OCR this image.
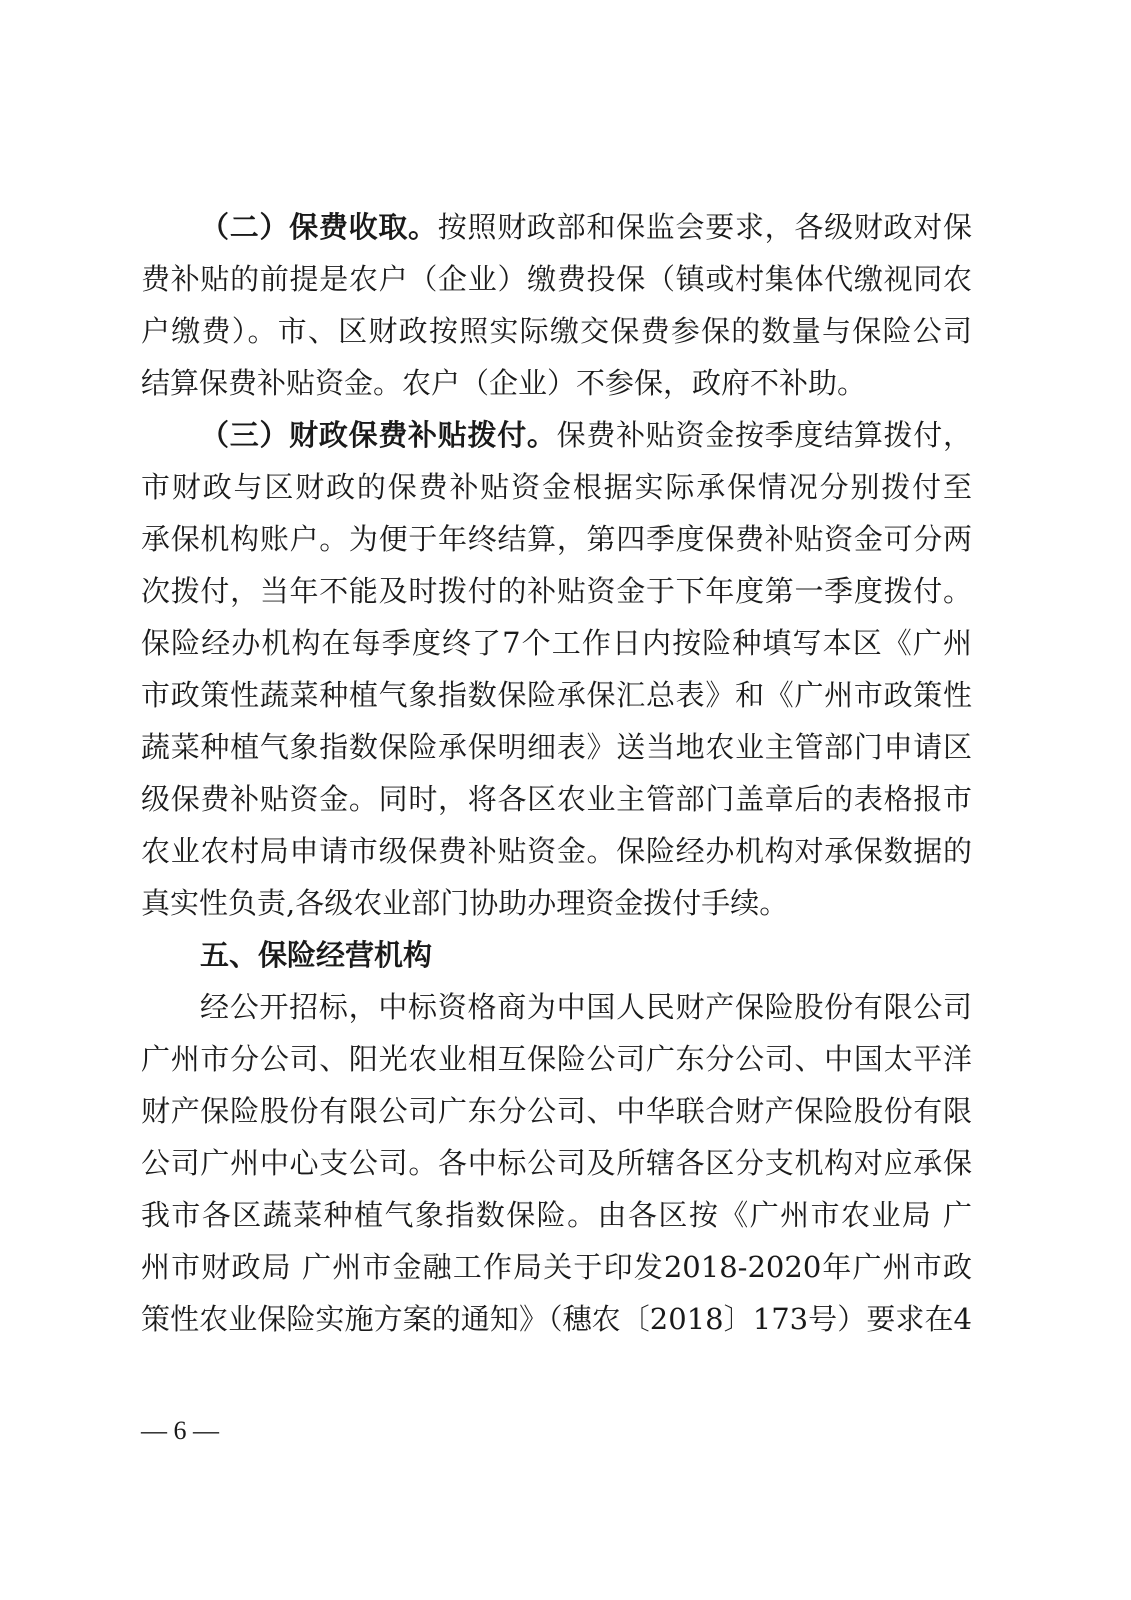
（二）保费收取。按照财政部和保监会要求，各级财政对保
费补贴的前提是农户（企业）缴费投保（镇或村集体代缴视同农
户缴费）。市、区财政按照实际缴交保费参保的数量与保险公司
结算保费补贴资金。农户（企业）不参保，政府不补助。
（三）财政保费补贴拨付。保费补贴资金按季度结算拨付，
市财政与区财政的保费补贴资金根据实际承保情况分别拨付至
承保机构账户。为便于年终结算，第四季度保费补贴资金可分两
次拨付，当年不能及时拨付的补贴资金于下年度第一季度拨付。
保险经办机构在每季度终了7个工作日内按险种填写本区《广州
市政策性蔬菜种植气象指数保险承保汇总表》和《广州市政策性
蔬菜种植气象指数保险承保明细表》送当地农业主管部门申请区
级保费补贴资金。同时，将各区农业主管部门盖章后的表格报市
农业农村局申请市级保费补贴资金。保险经办机构对承保数据的
真实性负责,各级农业部门协助办理资金拨付手续。
五、保险经营机构
经公开招标，中标资格商为中国人民财产保险股份有限公司
广州市分公司、阳光农业相互保险公司广东分公司、中国太平洋
财产保险股份有限公司广东分公司、中华联合财产保险股份有限
公司广州中心支公司。各中标公司及所辖各区分支机构对应承保
我市各区蔬菜种植气象指数保险。由各区按《广州市农业局 广
州市财政局 广州市金融工作局关于印发2018-2020年广州市政
策性农业保险实施方案的通知》（穗农〔2018〕173号）要求在4
— 6 —
